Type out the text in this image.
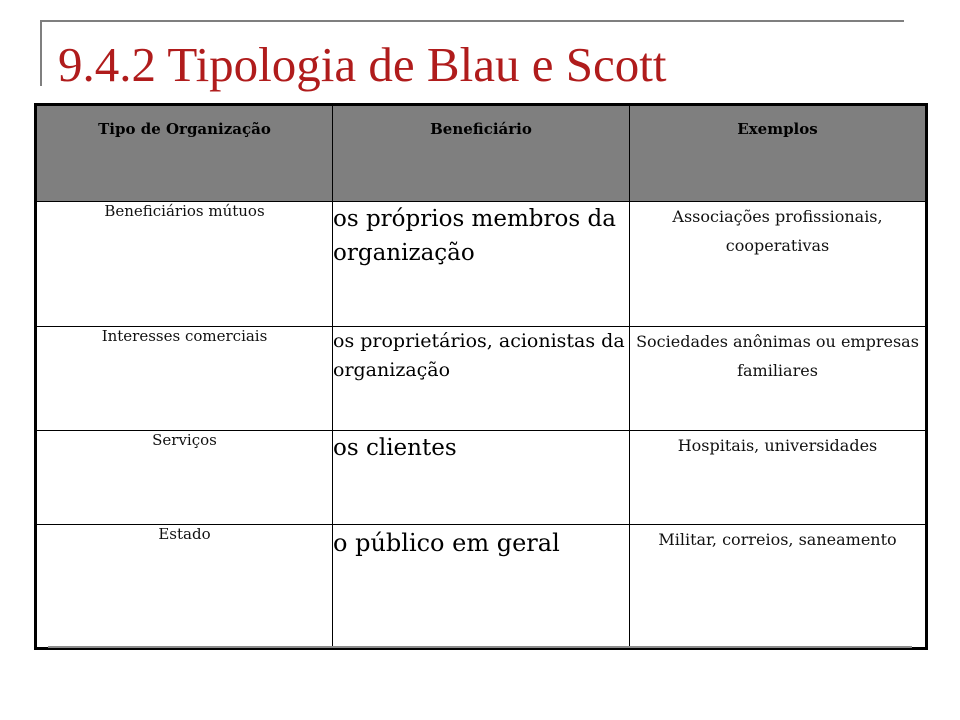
9.4.2 Tipologia de Blau e Scott
Tipo de Organização	Beneficiário	Exemplos
Beneficiários mútuos	os próprios membros da organização	Associações profissionais, cooperativas
Interesses comerciais	os proprietários, acionistas da organização	Sociedades anônimas ou empresas familiares
Serviços	os clientes	Hospitais, universidades
Estado	o público em geral	Militar, correios, saneamento
